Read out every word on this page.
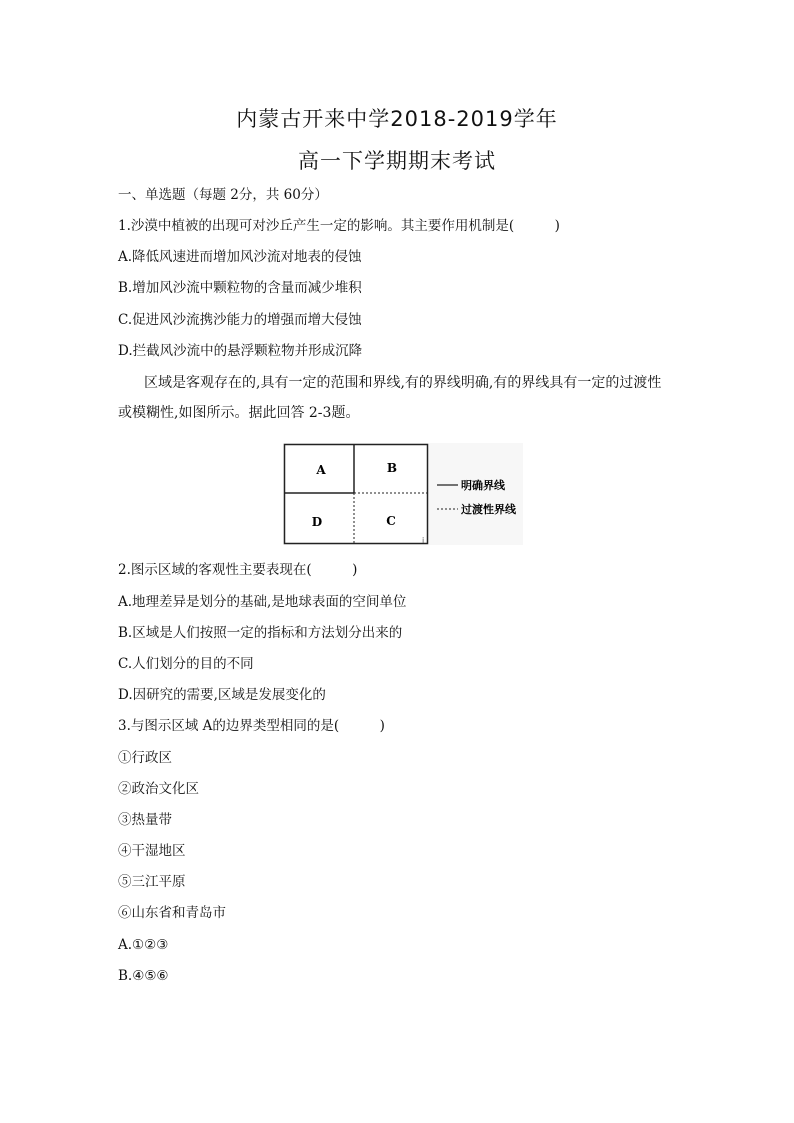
内蒙古开来中学2018-2019学年
高一下学期期末考试
一、单选题（每题 2分，共 60分）
1.沙漠中植被的出现可对沙丘产生一定的影响。其主要作用机制是(　　　)
A.降低风速进而增加风沙流对地表的侵蚀
B.增加风沙流中颗粒物的含量而减少堆积
C.促进风沙流携沙能力的增强而增大侵蚀
D.拦截风沙流中的悬浮颗粒物并形成沉降
区域是客观存在的,具有一定的范围和界线,有的界线明确,有的界线具有一定的过渡性
或模糊性,如图所示。据此回答 2-3题。
A	B
C
D
明确界线
过渡性界线
i
2.图示区域的客观性主要表现在(　　　)
A.地理差异是划分的基础,是地球表面的空间单位
B.区域是人们按照一定的指标和方法划分出来的
C.人们划分的目的不同
D.因研究的需要,区域是发展变化的
3.与图示区域 A的边界类型相同的是(　　　)
①行政区
②政治文化区
③热量带
④干湿地区
⑤三江平原
⑥山东省和青岛市
A.①②③
B.④⑤⑥
